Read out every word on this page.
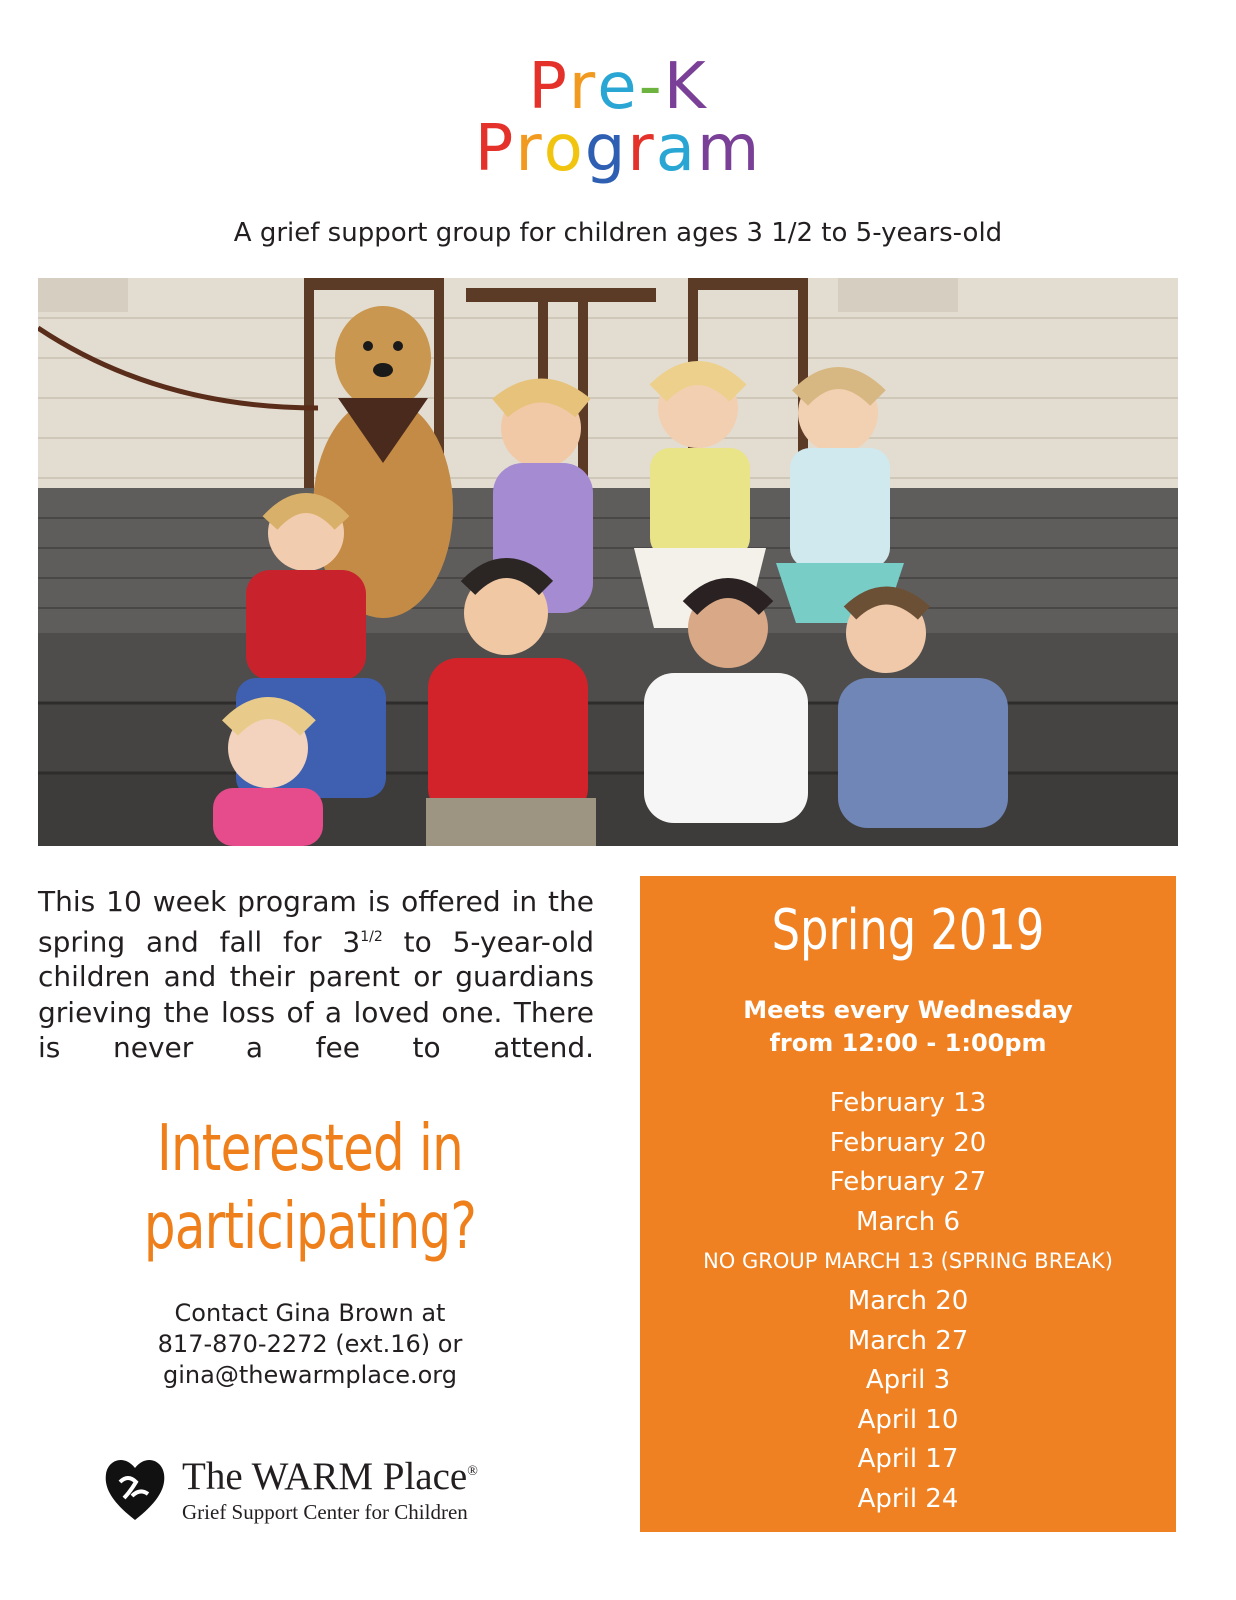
Pre-K
Program
A grief support group for children ages 3 1/2 to 5-years-old
This 10 week program is offered in the spring and fall for $3^{1/2}$ to 5-year-old children and their parent or guardians grieving the loss of a loved one. There is never a fee to attend.
Interested in
participating?
Contact Gina Brown at
817-870-2272 (ext.16) or
gina@thewarmplace.org
The WARM Place®
Grief Support Center for Children
Spring 2019
Meets every Wednesday
from 12:00 - 1:00pm
February 13
February 20
February 27
March 6
NO GROUP MARCH 13 (SPRING BREAK)
March 20
March 27
April 3
April 10
April 17
April 24
